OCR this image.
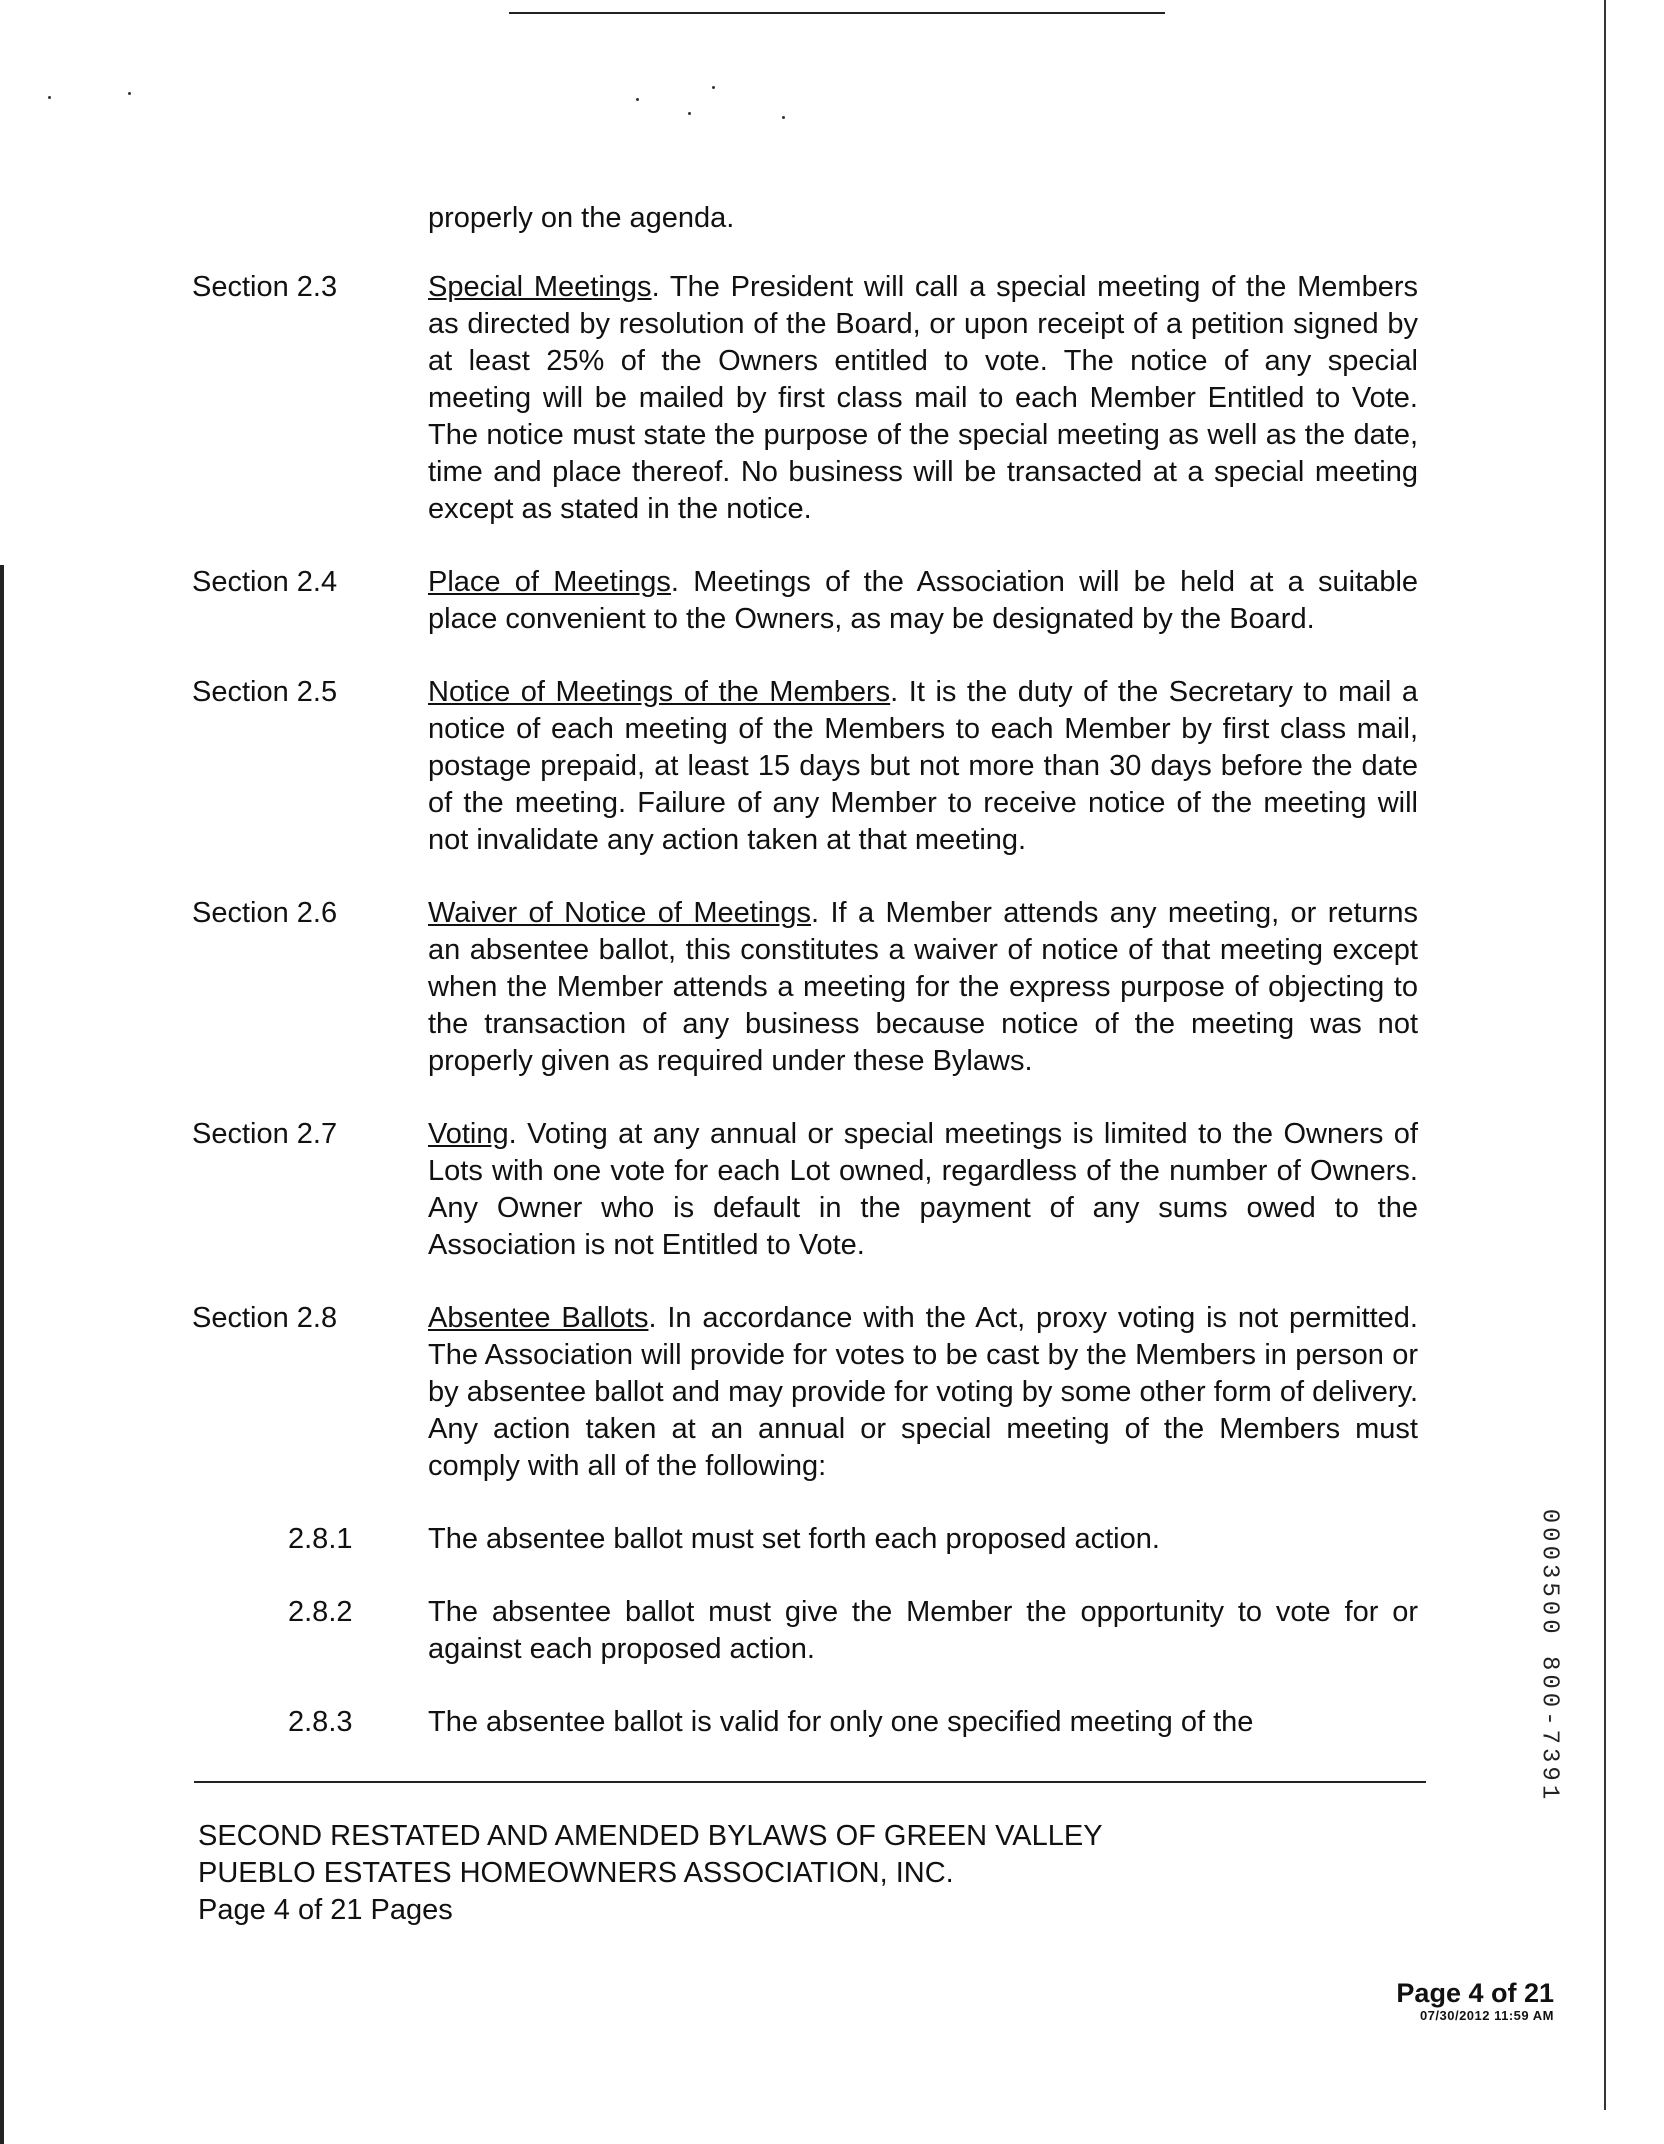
properly on the agenda.
Section 2.3	Special Meetings. The President will call a special meeting of the Members as directed by resolution of the Board, or upon receipt of a petition signed by at least 25% of the Owners entitled to vote. The notice of any special meeting will be mailed by first class mail to each Member Entitled to Vote. The notice must state the purpose of the special meeting as well as the date, time and place thereof. No business will be transacted at a special meeting except as stated in the notice.
Section 2.4	Place of Meetings. Meetings of the Association will be held at a suitable place convenient to the Owners, as may be designated by the Board.
Section 2.5	Notice of Meetings of the Members. It is the duty of the Secretary to mail a notice of each meeting of the Members to each Member by first class mail, postage prepaid, at least 15 days but not more than 30 days before the date of the meeting. Failure of any Member to receive notice of the meeting will not invalidate any action taken at that meeting.
Section 2.6	Waiver of Notice of Meetings. If a Member attends any meeting, or returns an absentee ballot, this constitutes a waiver of notice of that meeting except when the Member attends a meeting for the express purpose of objecting to the transaction of any business because notice of the meeting was not properly given as required under these Bylaws.
Section 2.7	Voting. Voting at any annual or special meetings is limited to the Owners of Lots with one vote for each Lot owned, regardless of the number of Owners. Any Owner who is default in the payment of any sums owed to the Association is not Entitled to Vote.
Section 2.8	Absentee Ballots. In accordance with the Act, proxy voting is not permitted. The Association will provide for votes to be cast by the Members in person or by absentee ballot and may provide for voting by some other form of delivery. Any action taken at an annual or special meeting of the Members must comply with all of the following:
2.8.1	The absentee ballot must set forth each proposed action.
2.8.2	The absentee ballot must give the Member the opportunity to vote for or against each proposed action.
2.8.3	The absentee ballot is valid for only one specified meeting of the
SECOND RESTATED AND AMENDED BYLAWS OF GREEN VALLEY
PUEBLO ESTATES HOMEOWNERS ASSOCIATION, INC.
Page 4 of 21 Pages
0003500 800-7391
Page 4 of 21
07/30/2012 11:59 AM
